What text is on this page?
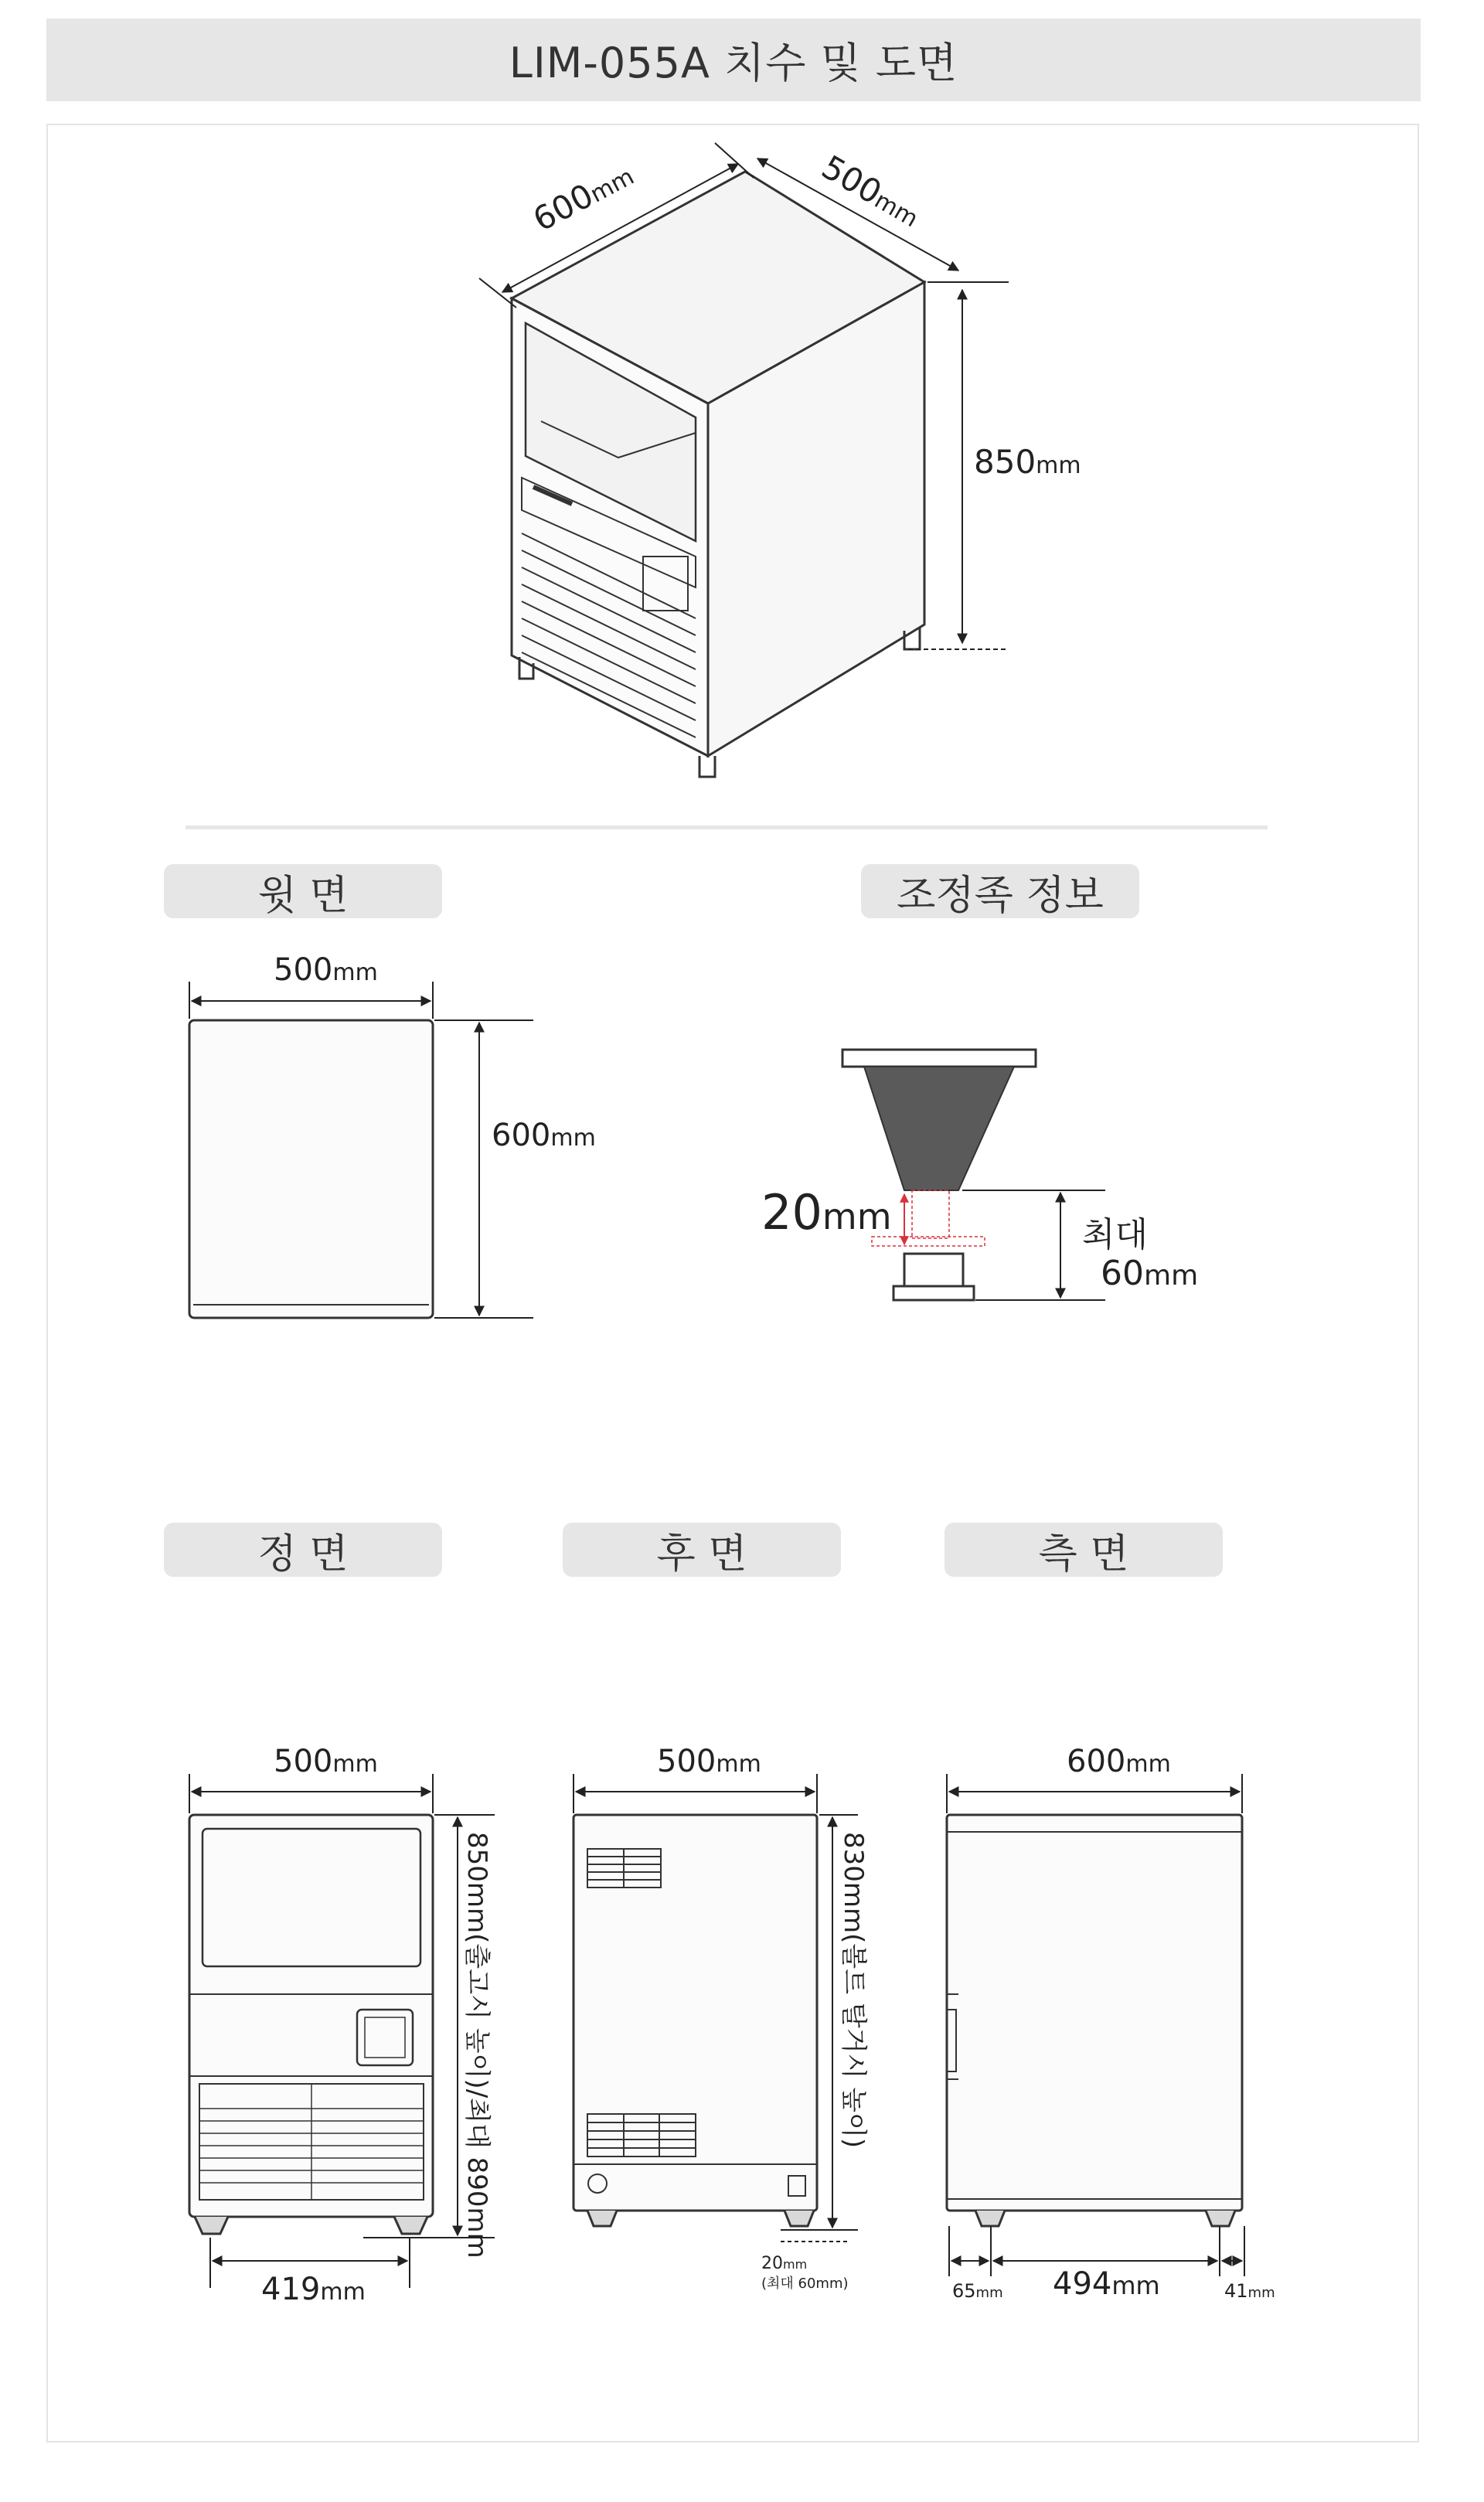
LIM-055A 치수 및 도면
윗 면	조정족 정보
정 면	후 면	측 면
600mm	500mm
850mm
500mm
600mm
20mm	최대
60mm
500mm
850mm(출고시 높이)/최대 890mm
419mm
500mm
830mm(볼트 탈거시 높이)
20mm
(최대 60mm)
600mm
65mm 494mm	41mm
